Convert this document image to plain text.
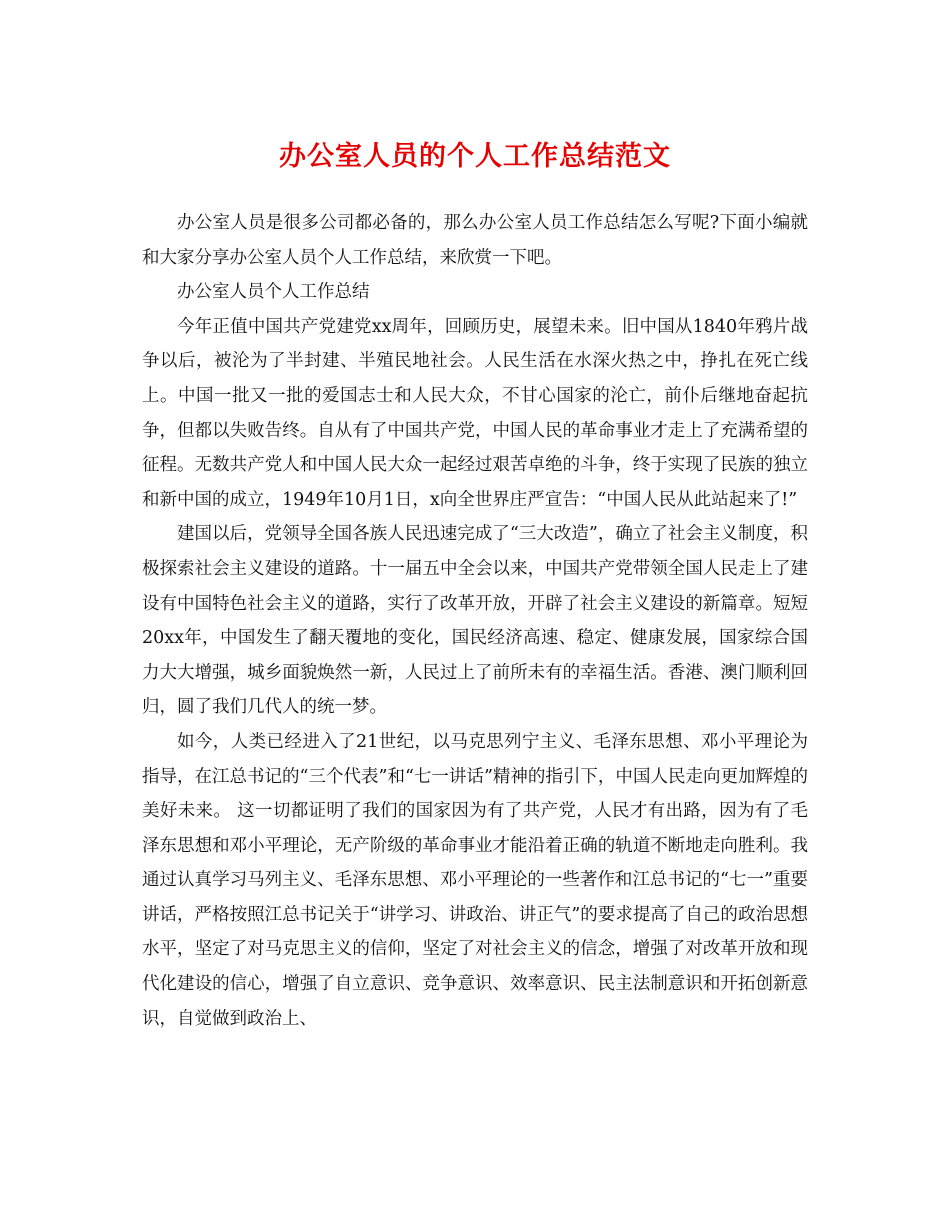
办公室人员的个人工作总结范文

办公室人员是很多公司都必备的，那么办公室人员工作总结怎么写呢?下面小编就和大家分享办公室人员个人工作总结，来欣赏一下吧。

办公室人员个人工作总结

今年正值中国共产党建党xx周年，回顾历史，展望未来。旧中国从1840年鸦片战争以后，被沦为了半封建、半殖民地社会。人民生活在水深火热之中，挣扎在死亡线上。中国一批又一批的爱国志士和人民大众，不甘心国家的沦亡，前仆后继地奋起抗争，但都以失败告终。自从有了中国共产党，中国人民的革命事业才走上了充满希望的征程。无数共产党人和中国人民大众一起经过艰苦卓绝的斗争，终于实现了民族的独立和新中国的成立，1949年10月1日，x向全世界庄严宣告：“中国人民从此站起来了!”

建国以后，党领导全国各族人民迅速完成了“三大改造”，确立了社会主义制度，积极探索社会主义建设的道路。十一届五中全会以来，中国共产党带领全国人民走上了建设有中国特色社会主义的道路，实行了改革开放，开辟了社会主义建设的新篇章。短短20xx年，中国发生了翻天覆地的变化，国民经济高速、稳定、健康发展，国家综合国力大大增强，城乡面貌焕然一新，人民过上了前所未有的幸福生活。香港、澳门顺利回归，圆了我们几代人的统一梦。

如今，人类已经进入了21世纪，以马克思列宁主义、毛泽东思想、邓小平理论为指导，在江总书记的“三个代表”和“七一讲话”精神的指引下，中国人民走向更加辉煌的美好未来。 这一切都证明了我们的国家因为有了共产党，人民才有出路，因为有了毛泽东思想和邓小平理论，无产阶级的革命事业才能沿着正确的轨道不断地走向胜利。我通过认真学习马列主义、毛泽东思想、邓小平理论的一些著作和江总书记的“七一”重要讲话，严格按照江总书记关于“讲学习、讲政治、讲正气”的要求提高了自己的政治思想水平，坚定了对马克思主义的信仰，坚定了对社会主义的信念，增强了对改革开放和现代化建设的信心，增强了自立意识、竞争意识、效率意识、民主法制意识和开拓创新意识，自觉做到政治上、
